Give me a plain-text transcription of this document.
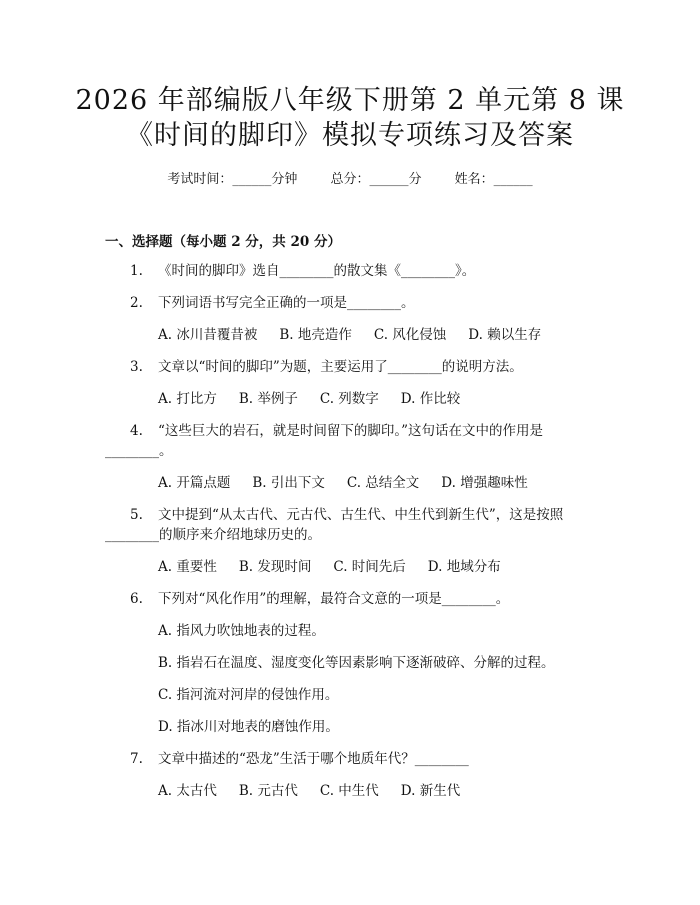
2026 年部编版八年级下册第 2 单元第 8 课
《时间的脚印》模拟专项练习及答案
考试时间：______分钟	总分：______分	姓名：______
一、选择题（每小题 2 分，共 20 分）
1. 《时间的脚印》选自________的散文集《________》。
2. 下列词语书写完全正确的一项是________。
A. 冰川昔覆昔被 B. 地壳造作 C. 风化侵蚀 D. 赖以生存
3. 文章以“时间的脚印”为题，主要运用了________的说明方法。
A. 打比方 B. 举例子 C. 列数字 D. 作比较
4. “这些巨大的岩石，就是时间留下的脚印。”这句话在文中的作用是
________。
A. 开篇点题 B. 引出下文 C. 总结全文 D. 增强趣味性
5. 文中提到“从太古代、元古代、古生代、中生代到新生代”，这是按照
________的顺序来介绍地球历史的。
A. 重要性 B. 发现时间 C. 时间先后 D. 地域分布
6. 下列对“风化作用”的理解，最符合文意的一项是________。
A. 指风力吹蚀地表的过程。
B. 指岩石在温度、湿度变化等因素影响下逐渐破碎、分解的过程。
C. 指河流对河岸的侵蚀作用。
D. 指冰川对地表的磨蚀作用。
7. 文章中描述的“恐龙”生活于哪个地质年代？________
A. 太古代 B. 元古代 C. 中生代 D. 新生代
